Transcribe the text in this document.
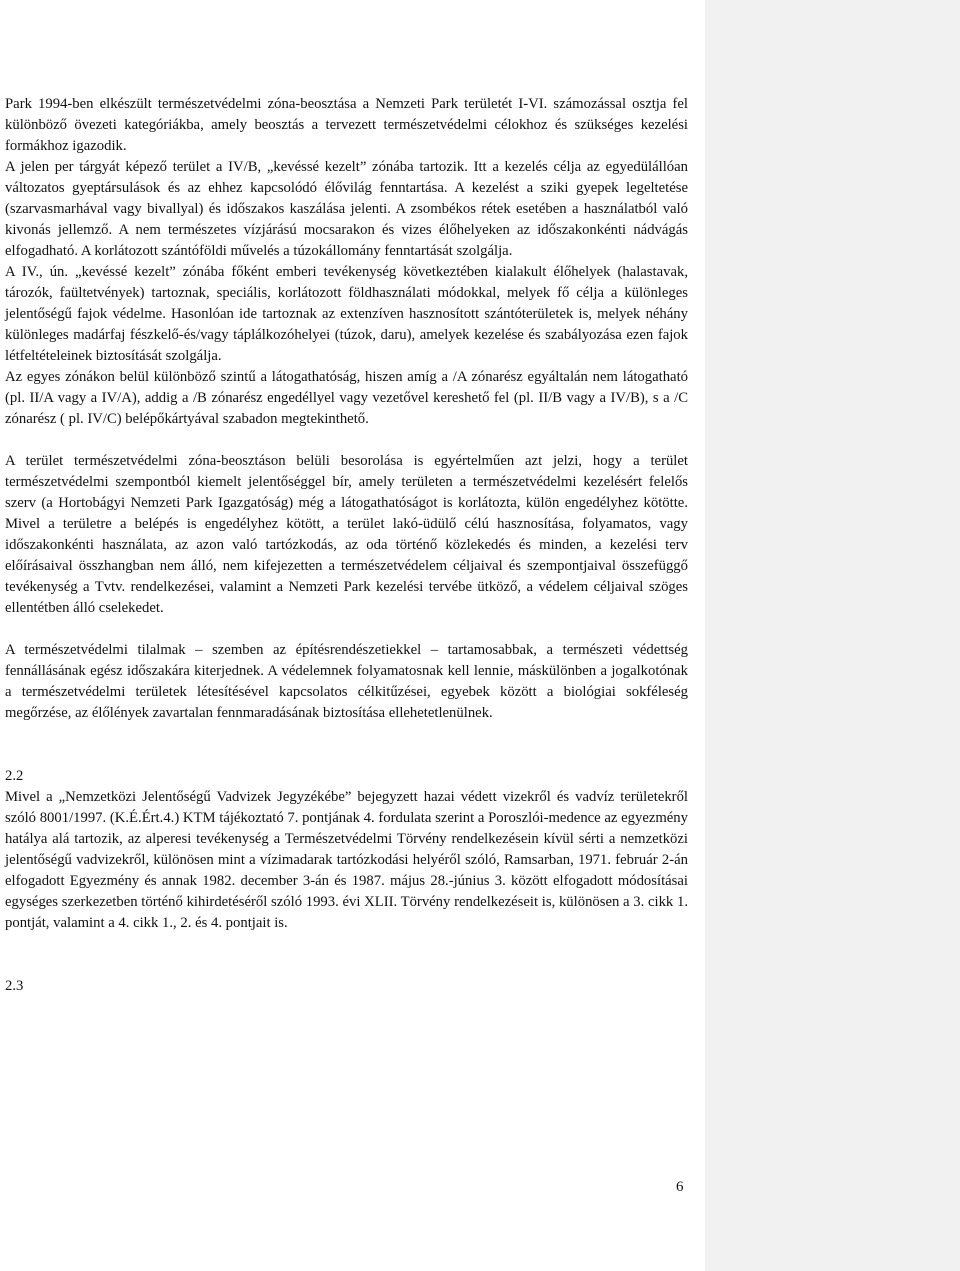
Park 1994-ben elkészült természetvédelmi zóna-beosztása a Nemzeti Park területét I-VI. számozással osztja fel különböző övezeti kategóriákba, amely beosztás a tervezett természetvédelmi célokhoz és szükséges kezelési formákhoz igazodik.

A jelen per tárgyát képező terület a IV/B, „kevéssé kezelt” zónába tartozik. Itt a kezelés célja az egyedülállóan változatos gyeptársulások és az ehhez kapcsolódó élővilág fenntartása. A kezelést a sziki gyepek legeltetése (szarvasmarhával vagy bivallyal) és időszakos kaszálása jelenti. A zsombékos rétek esetében a használatból való kivonás jellemző. A nem természetes vízjárású mocsarakon és vizes élőhelyeken az időszakonkénti nádvágás elfogadható. A korlátozott szántóföldi művelés a túzokállomány fenntartását szolgálja.

A IV., ún. „kevéssé kezelt” zónába főként emberi tevékenység következtében kialakult élőhelyek (halastavak, tározók, faültetvények) tartoznak, speciális, korlátozott földhasználati módokkal, melyek fő célja a különleges jelentőségű fajok védelme. Hasonlóan ide tartoznak az extenzíven hasznosított szántóterületek is, melyek néhány különleges madárfaj fészkelő-és/vagy táplálkozóhelyei (túzok, daru), amelyek kezelése és szabályozása ezen fajok létfeltételeinek biztosítását szolgálja.

Az egyes zónákon belül különböző szintű a látogathatóság, hiszen amíg a /A zónarész egyáltalán nem látogatható (pl. II/A vagy a IV/A), addig a /B zónarész engedéllyel vagy vezetővel kereshető fel (pl. II/B vagy a IV/B), s a /C zónarész ( pl. IV/C) belépőkártyával szabadon megtekinthető.

A terület természetvédelmi zóna-beosztáson belüli besorolása is egyértelműen azt jelzi, hogy a terület természetvédelmi szempontból kiemelt jelentőséggel bír, amely területen a természetvédelmi kezelésért felelős szerv (a Hortobágyi Nemzeti Park Igazgatóság) még a látogathatóságot is korlátozta, külön engedélyhez kötötte. Mivel a területre a belépés is engedélyhez kötött, a terület lakó-üdülő célú hasznosítása, folyamatos, vagy időszakonkénti használata, az azon való tartózkodás, az oda történő közlekedés és minden, a kezelési terv előírásaival összhangban nem álló, nem kifejezetten a természetvédelem céljaival és szempontjaival összefüggő tevékenység a Tvtv. rendelkezései, valamint a Nemzeti Park kezelési tervébe ütköző, a védelem céljaival szöges ellentétben álló cselekedet.

A természetvédelmi tilalmak – szemben az építésrendészetiekkel – tartamosabbak, a természeti védettség fennállásának egész időszakára kiterjednek. A védelemnek folyamatosnak kell lennie, máskülönben a jogalkotónak a természetvédelmi területek létesítésével kapcsolatos célkitűzései, egyebek között a biológiai sokféleség megőrzése, az élőlények zavartalan fennmaradásának biztosítása ellehetetlenülnek.

2.2

Mivel a „Nemzetközi Jelentőségű Vadvizek Jegyzékébe” bejegyzett hazai védett vizekről és vadvíz területekről szóló 8001/1997. (K.É.Ért.4.) KTM tájékoztató 7. pontjának 4. fordulata szerint a Poroszlói-medence az egyezmény hatálya alá tartozik, az alperesi tevékenység a Természetvédelmi Törvény rendelkezésein kívül sérti a nemzetközi jelentőségű vadvizekről, különösen mint a vízimadarak tartózkodási helyéről szóló, Ramsarban, 1971. február 2-án elfogadott Egyezmény és annak 1982. december 3-án és 1987. május 28.-június 3. között elfogadott módosításai egységes szerkezetben történő kihirdetéséről szóló 1993. évi XLII. Törvény rendelkezéseit is, különösen a 3. cikk 1. pontját, valamint a 4. cikk 1., 2. és 4. pontjait is.

2.3

6
